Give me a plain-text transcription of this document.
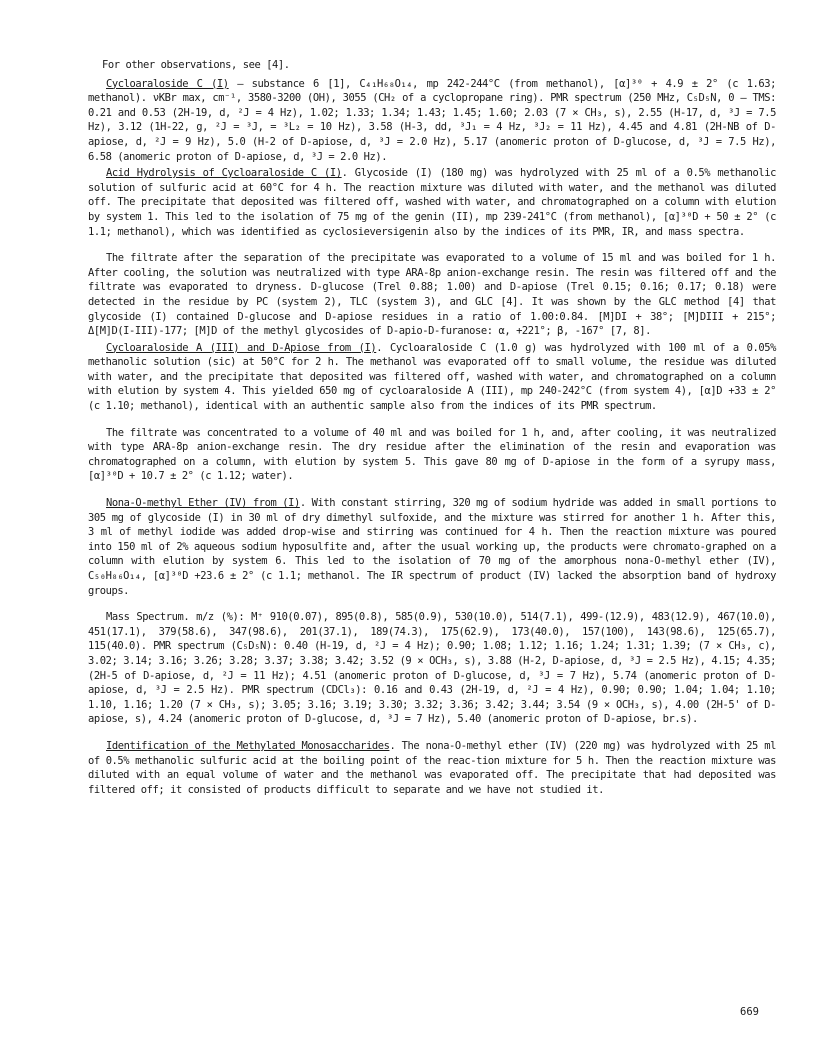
For other observations, see [4].

Cycloaraloside C (I) — substance 6 [1], C₄₁H₆₈O₁₄, mp 242-244°C (from methanol), [α]³⁰ + 4.9 ± 2° (c 1.63; methanol). νKBr max, cm⁻¹, 3580-3200 (OH), 3055 (CH₂ of a cyclopropane ring). PMR spectrum (250 MHz, C₅D₅N, 0 — TMS: 0.21 and 0.53 (2H-19, d, ²J = 4 Hz), 1.02; 1.33; 1.34; 1.43; 1.45; 1.60; 2.03 (7 × CH₃, s), 2.55 (H-17, d, ³J = 7.5 Hz), 3.12 (1H-22, g, ²J = ³J, = ³L₂ = 10 Hz), 3.58 (H-3, dd, ³J₁ = 4 Hz, ³J₂ = 11 Hz), 4.45 and 4.81 (2H-NB of D-apiose, d, ²J = 9 Hz), 5.0 (H-2 of D-apiose, d, ³J = 2.0 Hz), 5.17 (anomeric proton of D-glucose, d, ³J = 7.5 Hz), 6.58 (anomeric proton of D-apiose, d, ³J = 2.0 Hz).

Acid Hydrolysis of Cycloaraloside C (I). Glycoside (I) (180 mg) was hydrolyzed with 25 ml of a 0.5% methanolic solution of sulfuric acid at 60°C for 4 h. The reaction mixture was diluted with water, and the methanol was diluted off. The precipitate that deposited was filtered off, washed with water, and chromatographed on a column with elution by system 1. This led to the isolation of 75 mg of the genin (II), mp 239-241°C (from methanol), [α]³⁰D + 50 ± 2° (c 1.1; methanol), which was identified as cyclosieversigenin also by the indices of its PMR, IR, and mass spectra.

The filtrate after the separation of the precipitate was evaporated to a volume of 15 ml and was boiled for 1 h. After cooling, the solution was neutralized with type ARA-8p anion-exchange resin. The resin was filtered off and the filtrate was evaporated to dryness. D-glucose (Trel 0.88; 1.00) and D-apiose (Trel 0.15; 0.16; 0.17; 0.18) were detected in the residue by PC (system 2), TLC (system 3), and GLC [4]. It was shown by the GLC method [4] that glycoside (I) contained D-glucose and D-apiose residues in a ratio of 1.00:0.84. [M]DI + 38°; [M]DIII + 215°; Δ[M]D(I-III)-177; [M]D of the methyl glycosides of D-apio-D-furanose: α, +221°; β, -167° [7, 8].

Cycloaraloside A (III) and D-Apiose from (I). Cycloaraloside C (1.0 g) was hydrolyzed with 100 ml of a 0.05% methanolic solution (sic) at 50°C for 2 h. The methanol was evaporated off to small volume, the residue was diluted with water, and the precipitate that deposited was filtered off, washed with water, and chromatographed on a column with elution by system 4. This yielded 650 mg of cycloaraloside A (III), mp 240-242°C (from system 4), [α]D +33 ± 2° (c 1.10; methanol), identical with an authentic sample also from the indices of its PMR spectrum.

The filtrate was concentrated to a volume of 40 ml and was boiled for 1 h, and, after cooling, it was neutralized with type ARA-8p anion-exchange resin. The dry residue after the elimination of the resin and evaporation was chromatographed on a column, with elution by system 5. This gave 80 mg of D-apiose in the form of a syrupy mass, [α]³⁰D + 10.7 ± 2° (c 1.12; water).

Nona-O-methyl Ether (IV) from (I). With constant stirring, 320 mg of sodium hydride was added in small portions to 305 mg of glycoside (I) in 30 ml of dry dimethyl sulfoxide, and the mixture was stirred for another 1 h. After this, 3 ml of methyl iodide was added drop-wise and stirring was continued for 4 h. Then the reaction mixture was poured into 150 ml of 2% aqueous sodium hyposulfite and, after the usual working up, the products were chromato-graphed on a column with elution by system 6. This led to the isolation of 70 mg of the amorphous nona-O-methyl ether (IV), C₅₀H₈₆O₁₄, [α]³⁰D +23.6 ± 2° (c 1.1; methanol. The IR spectrum of product (IV) lacked the absorption band of hydroxy groups.

Mass Spectrum. m/z (%): M⁺ 910(0.07), 895(0.8), 585(0.9), 530(10.0), 514(7.1), 499-(12.9), 483(12.9), 467(10.0), 451(17.1), 379(58.6), 347(98.6), 201(37.1), 189(74.3), 175(62.9), 173(40.0), 157(100), 143(98.6), 125(65.7), 115(40.0). PMR spectrum (C₅D₅N): 0.40 (H-19, d, ²J = 4 Hz); 0.90; 1.08; 1.12; 1.16; 1.24; 1.31; 1.39; (7 × CH₃, c), 3.02; 3.14; 3.16; 3.26; 3.28; 3.37; 3.38; 3.42; 3.52 (9 × OCH₃, s), 3.88 (H-2, D-apiose, d, ³J = 2.5 Hz), 4.15; 4.35; (2H-5 of D-apiose, d, ²J = 11 Hz); 4.51 (anomeric proton of D-glucose, d, ³J = 7 Hz), 5.74 (anomeric proton of D-apiose, d, ³J = 2.5 Hz). PMR spectrum (CDCl₃): 0.16 and 0.43 (2H-19, d, ²J = 4 Hz), 0.90; 0.90; 1.04; 1.04; 1.10; 1.10, 1.16; 1.20 (7 × CH₃, s); 3.05; 3.16; 3.19; 3.30; 3.32; 3.36; 3.42; 3.44; 3.54 (9 × OCH₃, s), 4.00 (2H-5' of D-apiose, s), 4.24 (anomeric proton of D-glucose, d, ³J = 7 Hz), 5.40 (anomeric proton of D-apiose, br.s).

Identification of the Methylated Monosaccharides. The nona-O-methyl ether (IV) (220 mg) was hydrolyzed with 25 ml of 0.5% methanolic sulfuric acid at the boiling point of the reac-tion mixture for 5 h. Then the reaction mixture was diluted with an equal volume of water and the methanol was evaporated off. The precipitate that had deposited was filtered off; it consisted of products difficult to separate and we have not studied it.

669
